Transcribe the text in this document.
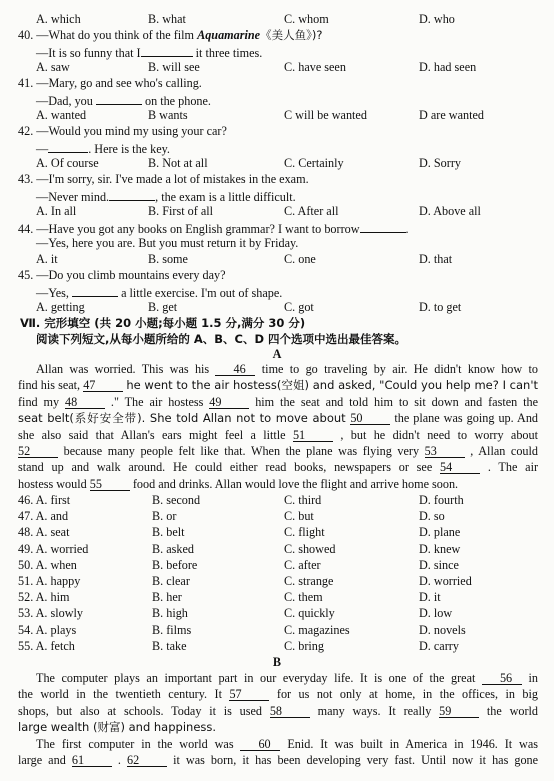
A. which	B. what	C. whom	D. who
40. —What do you think of the film Aquamarine《美人鱼》)?
—It is so funny that I	it three times.
A. saw	B. will see	C. have seen	D. had seen
41. —Mary, go and see who's calling.
—Dad, you	on the phone.
A. wanted	B wants	C will be wanted	D are wanted
42. —Would you mind my using your car?
—	. Here is the key.
A. Of course	B. Not at all	C. Certainly	D. Sorry
43. —I'm sorry, sir. I've made a lot of mistakes in the exam.
—Never mind.	, the exam is a little difficult.
A. In all	B. First of all	C. After all	D. Above all
44. —Have you got any books on English grammar? I want to borrow	.
—Yes, here you are. But you must return it by Friday.
A. it	B. some	C. one	D. that
45. —Do you climb mountains every day?
—Yes,	a little exercise. I'm out of shape.
A. getting	B. get	C. got	D. to get
Ⅶ. 完形填空 (共 20 小题;每小题 1.5 分,满分 30 分)
阅读下列短文,从每小题所给的 A、B、C、D 四个选项中选出最佳答案。
A
Allan was worried. This was his 46 time to go traveling by air. He didn't know how to
find his seat, 47	he went to the air hostess(空姐) and asked, "Could you help me? I can't
find my 48	." The air hostess 49	him the seat and told him to sit down and fasten the
seat belt(系好安全带). She told Allan not to move about 50	the plane was going up. And
she also said that Allan's ears might feel a little 51	, but he didn't need to worry about
52	because many people felt like that. When the plane was flying very 53	, Allan could
stand up and walk around. He could either read books, newspapers or see 54	. The air
hostess would 55	food and drinks. Allan would love the flight and arrive home soon.
46. A. first	B. second	C. third	D. fourth
47. A. and	B. or	C. but	D. so
48. A. seat	B. belt	C. flight	D. plane
49. A. worried	B. asked	C. showed	D. knew
50. A. when	B. before	C. after	D. since
51. A. happy	B. clear	C. strange	D. worried
52. A. him	B. her	C. them	D. it
53. A. slowly	B. high	C. quickly	D. low
54. A. plays	B. films	C. magazines	D. novels
55. A. fetch	B. take	C. bring	D. carry
B
The computer plays an important part in our everyday life. It is one of the great 56 in
the world in the twentieth century. It 57	for us not only at home, in the offices, in big
shops, but also at schools. Today it is used 58	many ways. It really 59	the world
large wealth (财富) and happiness.
The first computer in the world was 60 Enid. It was built in America in 1946. It was
large and 61	. 62	it was born, it has been developing very fast. Until now it has gone
